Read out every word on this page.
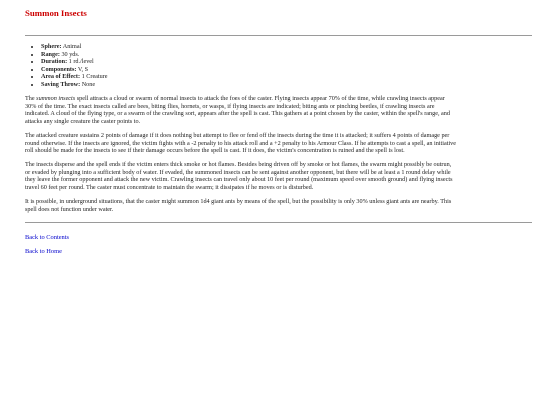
Summon Insects
• Sphere: Animal
• Range: 30 yds.
• Duration: 1 rd./level
• Components: V, S
• Area of Effect: 1 Creature
• Saving Throw: None

The summon insects spell attracts a cloud or swarm of normal insects to attack the foes of the caster. Flying insects appear 70% of the time, while crawling insects appear 30% of the time. The exact insects called are bees, biting flies, hornets, or wasps, if flying insects are indicated; biting ants or pinching beetles, if crawling insects are indicated. A cloud of the flying type, or a swarm of the crawling sort, appears after the spell is cast. This gathers at a point chosen by the caster, within the spell's range, and attacks any single creature the caster points to.

The attacked creature sustains 2 points of damage if it does nothing but attempt to flee or fend off the insects during the time it is attacked; it suffers 4 points of damage per round otherwise. If the insects are ignored, the victim fights with a -2 penalty to his attack roll and a +2 penalty to his Armour Class. If he attempts to cast a spell, an initiative roll should be made for the insects to see if their damage occurs before the spell is cast. If it does, the victim's concentration is ruined and the spell is lost.

The insects disperse and the spell ends if the victim enters thick smoke or hot flames. Besides being driven off by smoke or hot flames, the swarm might possibly be outrun, or evaded by plunging into a sufficient body of water. If evaded, the summoned insects can be sent against another opponent, but there will be at least a 1 round delay while they leave the former opponent and attack the new victim. Crawling insects can travel only about 10 feet per round (maximum speed over smooth ground) and flying insects travel 60 feet per round. The caster must concentrate to maintain the swarm; it dissipates if he moves or is disturbed.

It is possible, in underground situations, that the caster might summon 1d4 giant ants by means of the spell, but the possibility is only 30% unless giant ants are nearby. This spell does not function under water.

Back to Contents
Back to Home
